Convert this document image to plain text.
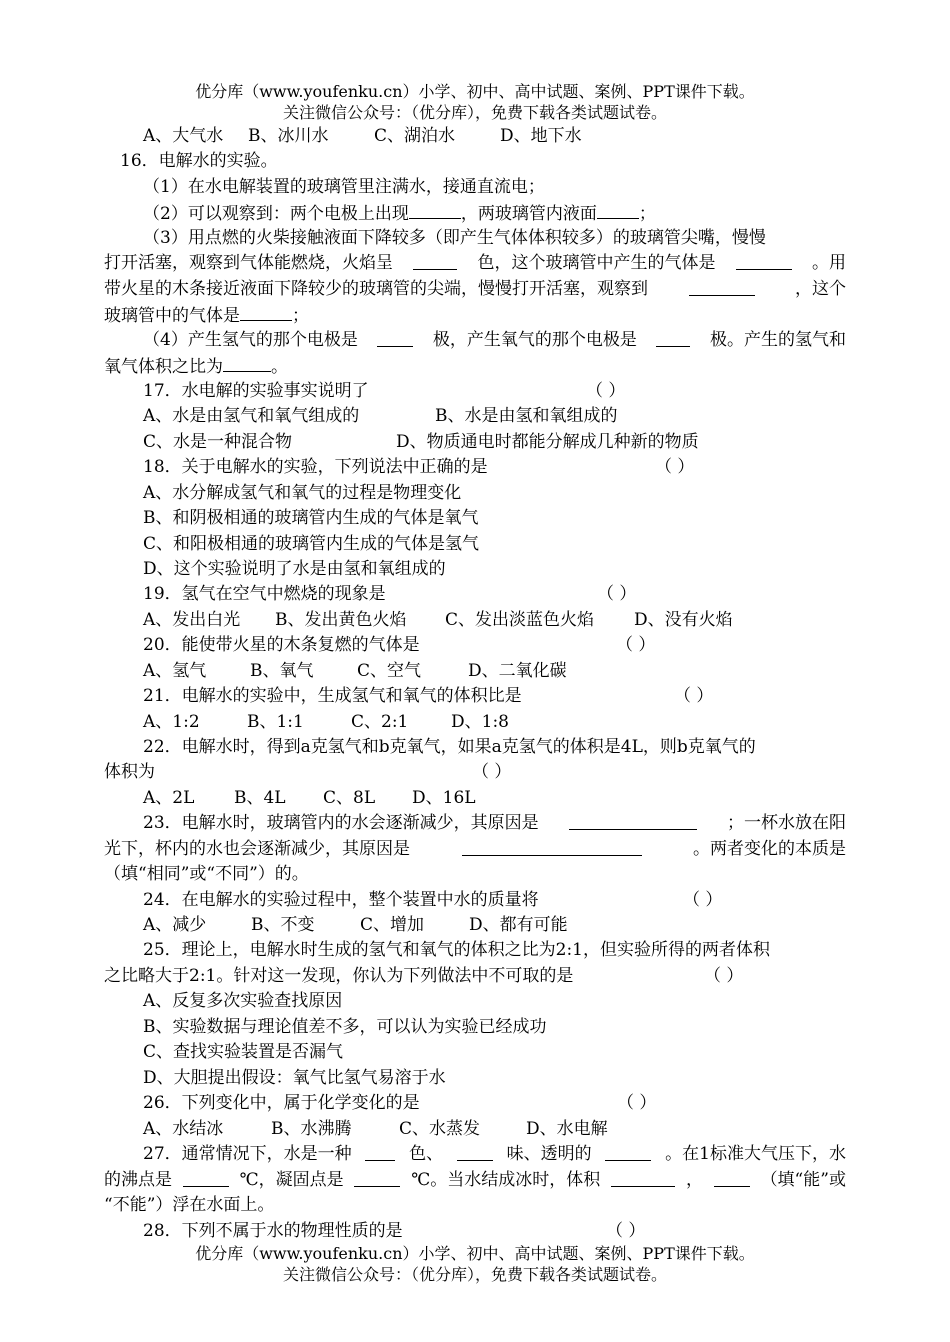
优分库（www.youfenku.cn）小学、初中、高中试题、案例、PPT课件下载。
关注微信公众号：（优分库），免费下载各类试题试卷。
A、大气水 B、冰川水	C、湖泊水	D、地下水
16．电解水的实验。
（1）在水电解装置的玻璃管里注满水，接通直流电；
（2）可以观察到：两个电极上出现	，两玻璃管内液面 ；
（3）用点燃的火柴接触液面下降较多（即产生气体体积较多）的玻璃管尖嘴，慢慢
打开活塞，观察到气体能燃烧，火焰呈	色，这个玻璃管中产生的气体是	。用
带火星的木条接近液面下降较少的玻璃管的尖端，慢慢打开活塞，观察到	，这个
玻璃管中的气体是	；
（4）产生氢气的那个电极是	极，产生氧气的那个电极是	极。产生的氢气和
氧气体积之比为	。
17．水电解的实验事实说明了	（ ）
A、水是由氢气和氧气组成的	B、水是由氢和氧组成的
C、水是一种混合物	D、物质通电时都能分解成几种新的物质
18．关于电解水的实验，下列说法中正确的是	（ ）
A、水分解成氢气和氧气的过程是物理变化
B、和阴极相通的玻璃管内生成的气体是氧气
C、和阳极相通的玻璃管内生成的气体是氢气
D、这个实验说明了水是由氢和氧组成的
19．氢气在空气中燃烧的现象是	（ ）
A、发出白光 B、发出黄色火焰 C、发出淡蓝色火焰 D、没有火焰
20．能使带火星的木条复燃的气体是	（ ）
A、氢气	B、氧气	C、空气	D、二氧化碳
21．电解水的实验中，生成氢气和氧气的体积比是	（ ）
A、1:2	B、1:1	C、2:1	D、1:8
22．电解水时，得到a克氢气和b克氧气，如果a克氢气的体积是4L，则b克氧气的
体积为	（ ）
A、2L B、4L C、8L D、16L
23．电解水时，玻璃管内的水会逐渐减少，其原因是	；一杯水放在阳
光下，杯内的水也会逐渐减少，其原因是	。两者变化的本质是
（填“相同”或“不同”）的。
24．在电解水的实验过程中，整个装置中水的质量将	（ ）
A、减少	B、不变	C、增加	D、都有可能
25．理论上，电解水时生成的氢气和氧气的体积之比为2:1，但实验所得的两者体积
之比略大于2:1。针对这一发现，你认为下列做法中不可取的是	（ ）
A、反复多次实验查找原因
B、实验数据与理论值差不多，可以认为实验已经成功
C、查找实验装置是否漏气
D、大胆提出假设：氧气比氢气易溶于水
26．下列变化中，属于化学变化的是	（ ）
A、水结冰	B、水沸腾	C、水蒸发	D、水电解
27．通常情况下，水是一种	色、	味、透明的	。在1标准大气压下，水
的沸点是	℃，凝固点是	℃。当水结成冰时，体积	，	（填“能”或
“不能”）浮在水面上。
28．下列不属于水的物理性质的是	（ ）
优分库（www.youfenku.cn）小学、初中、高中试题、案例、PPT课件下载。
关注微信公众号：（优分库），免费下载各类试题试卷。
